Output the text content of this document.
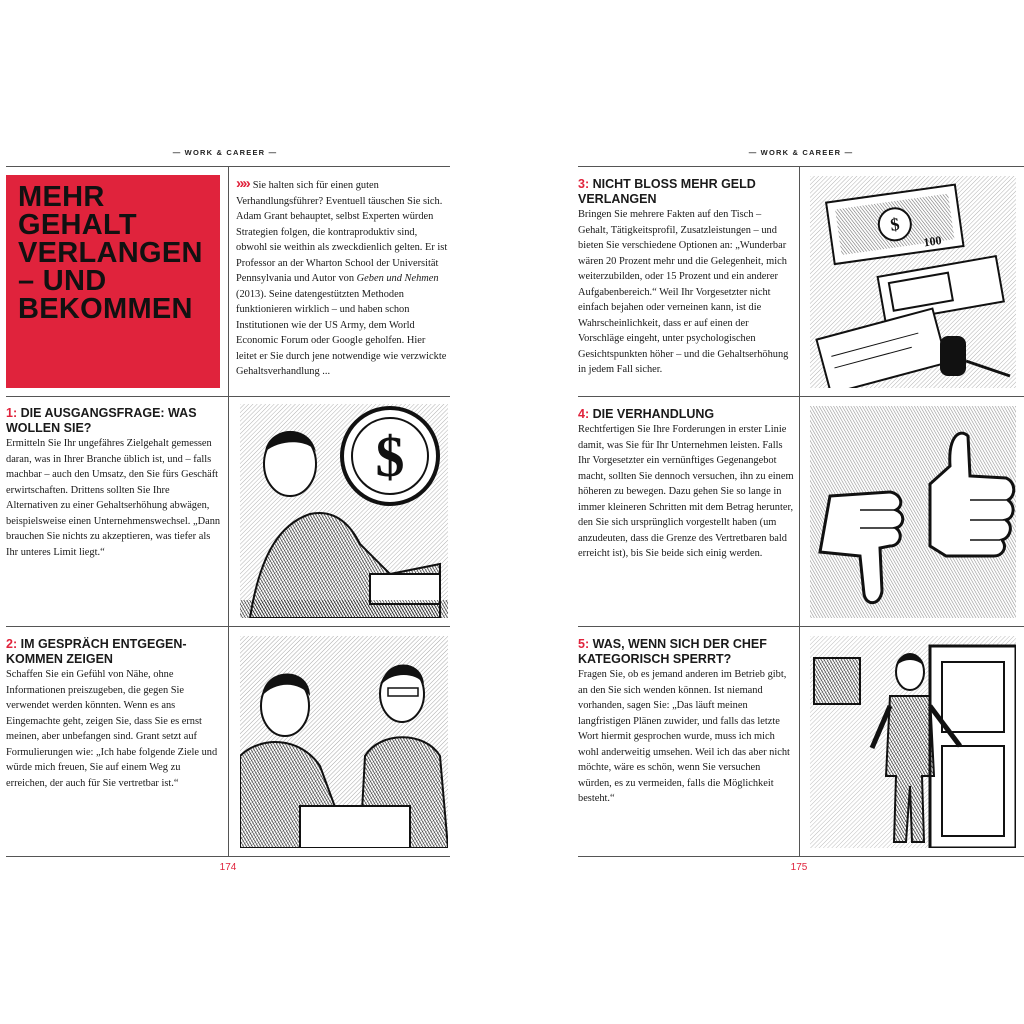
— WORK & CAREER —
MEHR
GEHALT
VERLANGEN
– UND
BEKOMMEN
»» Sie halten sich für einen guten Verhandlungsführer? Eventuell täuschen Sie sich. Adam Grant behauptet, selbst Experten würden Strategien folgen, die kontraproduktiv sind, obwohl sie weithin als zweckdienlich gelten. Er ist Professor an der Wharton School der Universität Pennsylvania und Autor von Geben und Nehmen (2013). Seine datengestützten Methoden funktionieren wirklich – und haben schon Institutionen wie der US Army, dem World Economic Forum oder Google geholfen. Hier leitet er Sie durch jene notwendige wie verzwickte Gehaltsverhandlung ...
1: DIE AUSGANGSFRAGE: WAS
WOLLEN SIE?
Ermitteln Sie Ihr ungefähres Zielgehalt gemessen daran, was in Ihrer Branche üblich ist, und – falls machbar – auch den Umsatz, den Sie fürs Geschäft erwirtschaften. Drittens sollten Sie Ihre Alternativen zu einer Gehaltserhöhung abwägen, beispielsweise einen Unternehmenswechsel. „Dann brauchen Sie nichts zu akzeptieren, was tiefer als Ihr unteres Limit liegt.“
$
2: IM GESPRÄCH ENTGEGEN-
KOMMEN ZEIGEN
Schaffen Sie ein Gefühl von Nähe, ohne Informationen preiszugeben, die gegen Sie verwendet werden könnten. Wenn es ans Eingemachte geht, zeigen Sie, dass Sie es ernst meinen, aber unbefangen sind. Grant setzt auf Formulierungen wie: „Ich habe folgende Ziele und würde mich freuen, Sie auf einem Weg zu erreichen, der auch für Sie vertretbar ist.“
174
— WORK & CAREER —
3: NICHT BLOSS MEHR GELD
VERLANGEN
Bringen Sie mehrere Fakten auf den Tisch – Gehalt, Tätigkeitsprofil, Zusatzleistungen – und bieten Sie verschiedene Optionen an: „Wunderbar wären 20 Prozent mehr und die Gelegenheit, mich weiterzubilden, oder 15 Prozent und ein anderer Aufgabenbereich.“ Weil Ihr Vorgesetzter nicht einfach bejahen oder verneinen kann, ist die Wahrscheinlichkeit, dass er auf einen der Vorschläge eingeht, unter psychologischen Gesichtspunkten höher – und die Gehaltserhöhung in jedem Fall sicher.
$
100
4: DIE VERHANDLUNG
Rechtfertigen Sie Ihre Forderungen in erster Linie damit, was Sie für Ihr Unternehmen leisten. Falls Ihr Vorgesetzter ein vernünftiges Gegenangebot macht, sollten Sie dennoch versuchen, ihn zu einem höheren zu bewegen. Dazu gehen Sie so lange in immer kleineren Schritten mit dem Betrag herunter, den Sie sich ursprünglich vorgestellt haben (um anzudeuten, dass die Grenze des Vertretbaren bald erreicht ist), bis Sie beide sich einig werden.
5: WAS, WENN SICH DER CHEF
KATEGORISCH SPERRT?
Fragen Sie, ob es jemand anderen im Betrieb gibt, an den Sie sich wenden können. Ist niemand vorhanden, sagen Sie: „Das läuft meinen langfristigen Plänen zuwider, und falls das letzte Wort hiermit gesprochen wurde, muss ich mich wohl anderweitig umsehen. Weil ich das aber nicht möchte, wäre es schön, wenn Sie versuchen würden, es zu vermeiden, falls die Möglichkeit besteht.“
175
